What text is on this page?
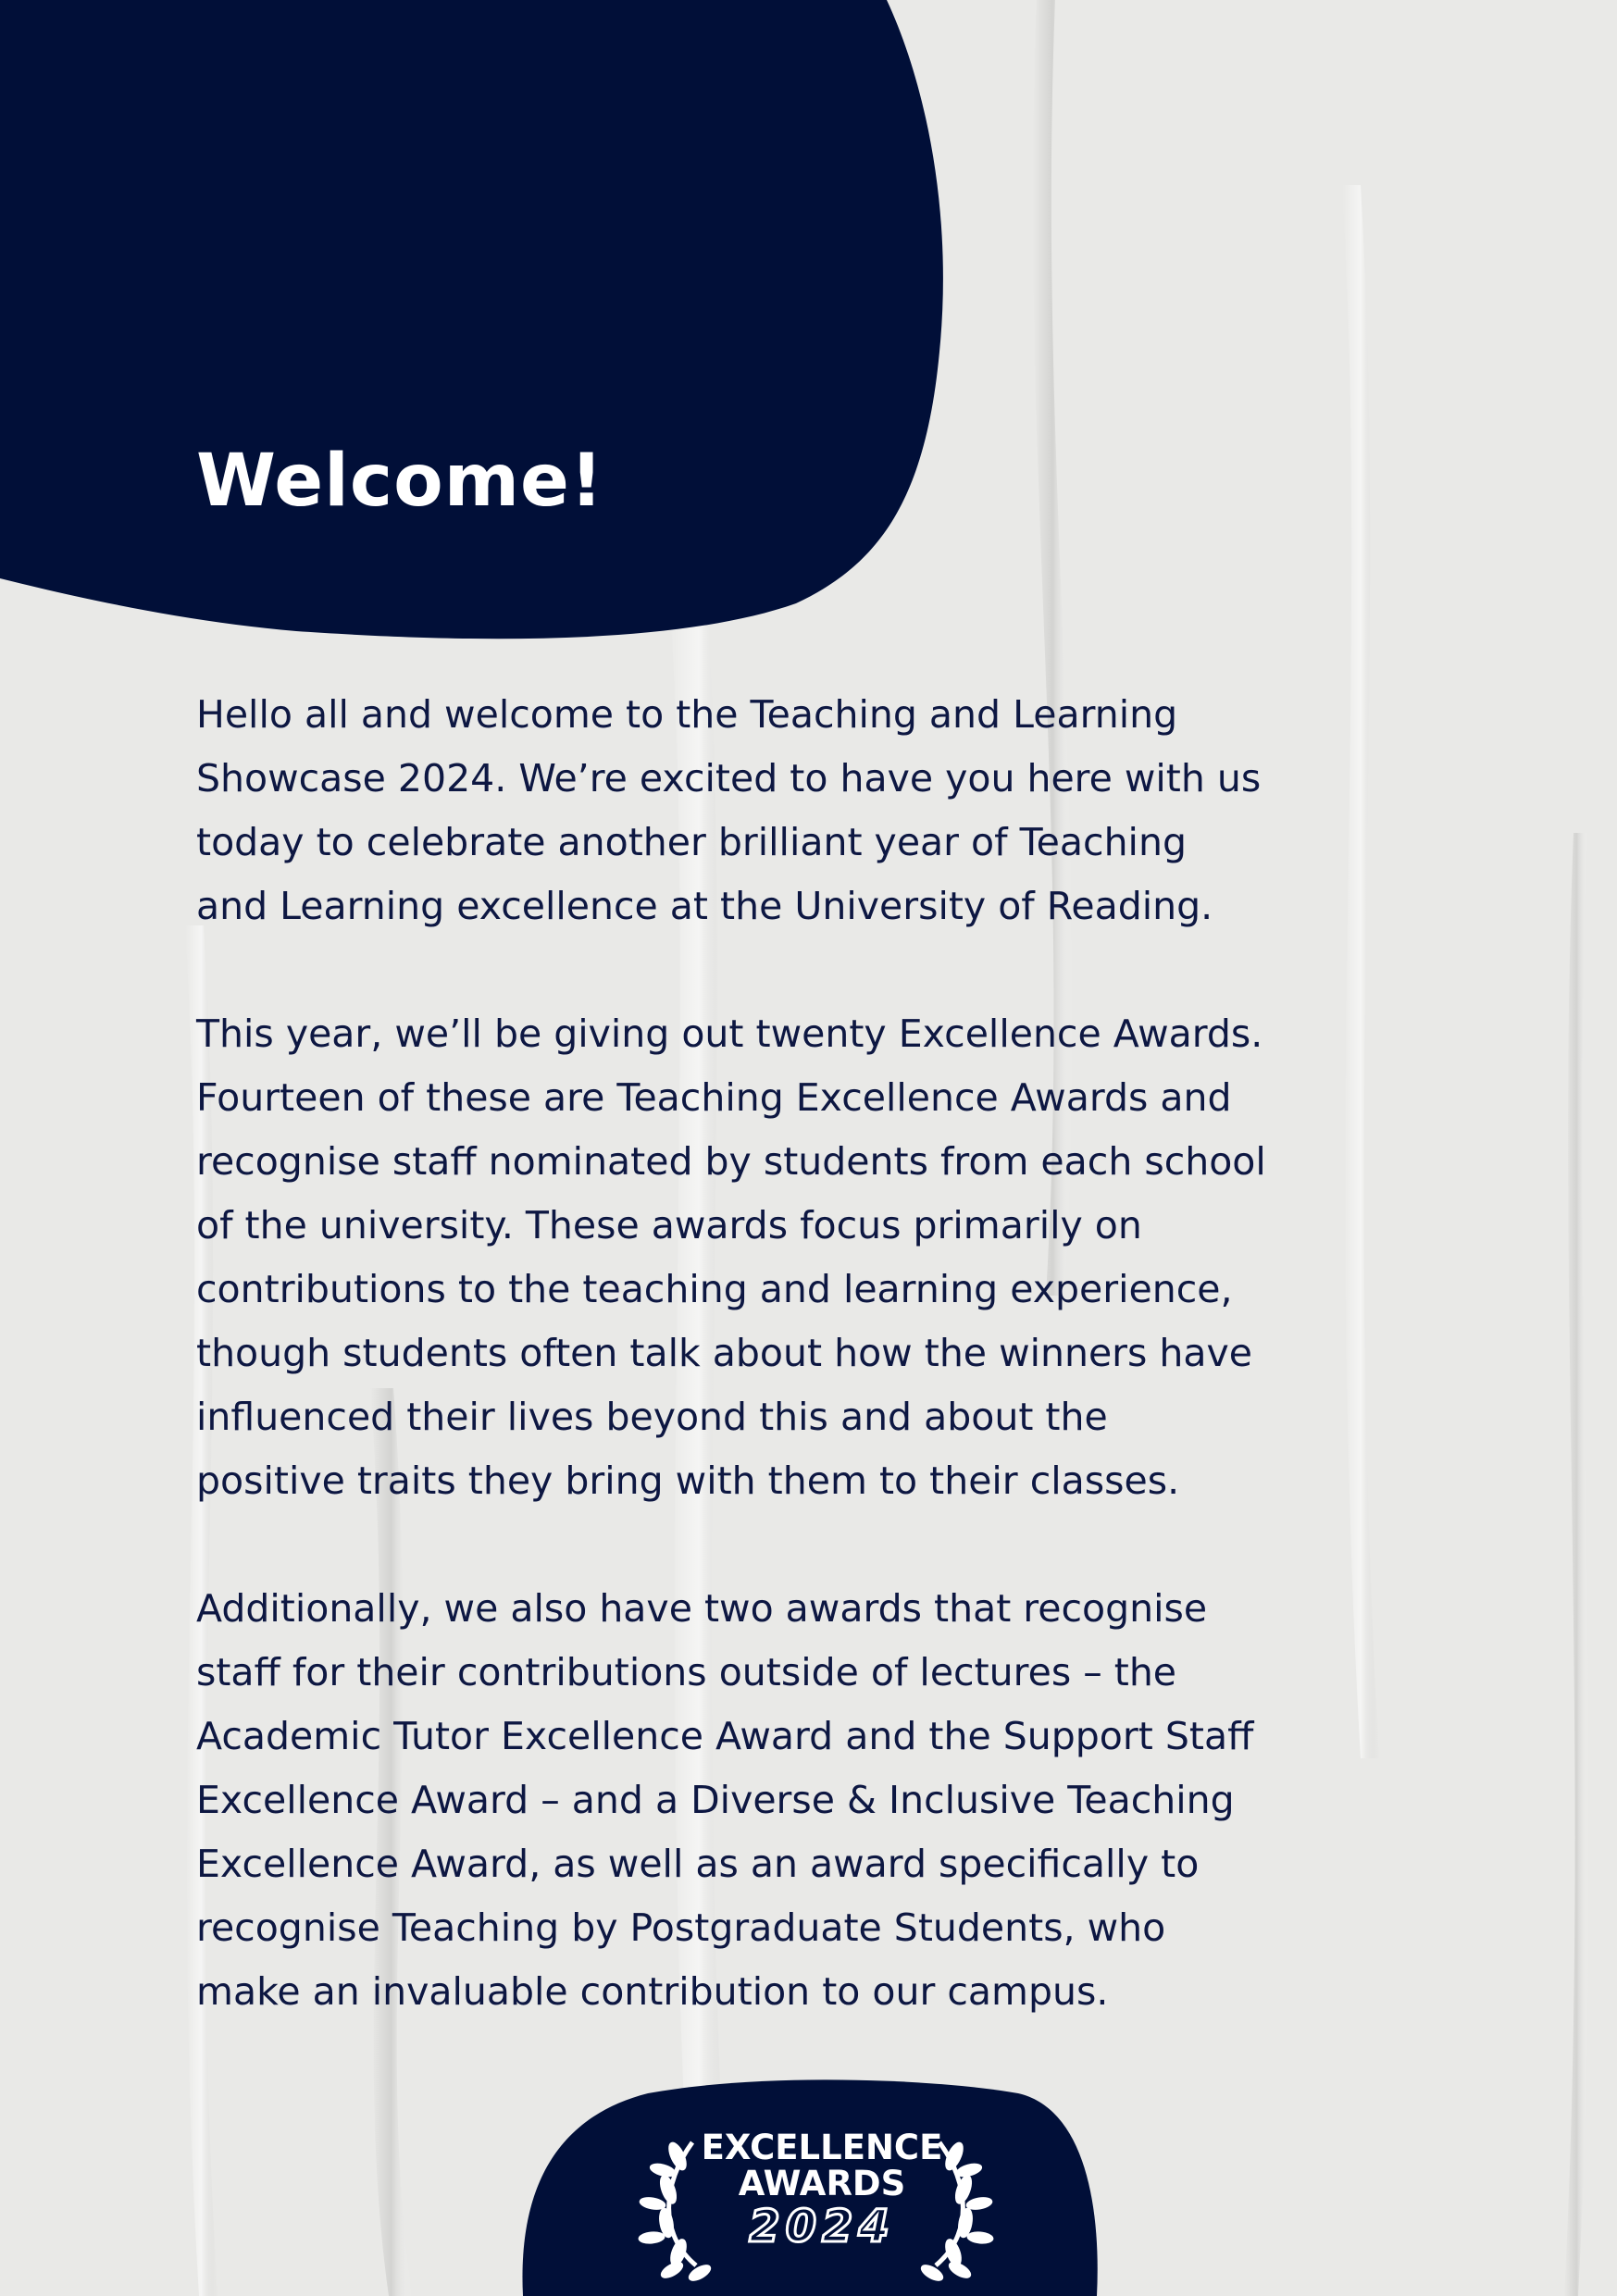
Welcome!

Hello all and welcome to the Teaching and Learning
Showcase 2024. We’re excited to have you here with us
today to celebrate another brilliant year of Teaching
and Learning excellence at the University of Reading.

This year, we’ll be giving out twenty Excellence Awards.
Fourteen of these are Teaching Excellence Awards and
recognise staff nominated by students from each school
of the university. These awards focus primarily on
contributions to the teaching and learning experience,
though students often talk about how the winners have
influenced their lives beyond this and about the
positive traits they bring with them to their classes.

Additionally, we also have two awards that recognise
staff for their contributions outside of lectures – the
Academic Tutor Excellence Award and the Support Staff
Excellence Award – and a Diverse & Inclusive Teaching
Excellence Award, as well as an award specifically to
recognise Teaching by Postgraduate Students, who
make an invaluable contribution to our campus.

EXCELLENCE
AWARDS
2024
